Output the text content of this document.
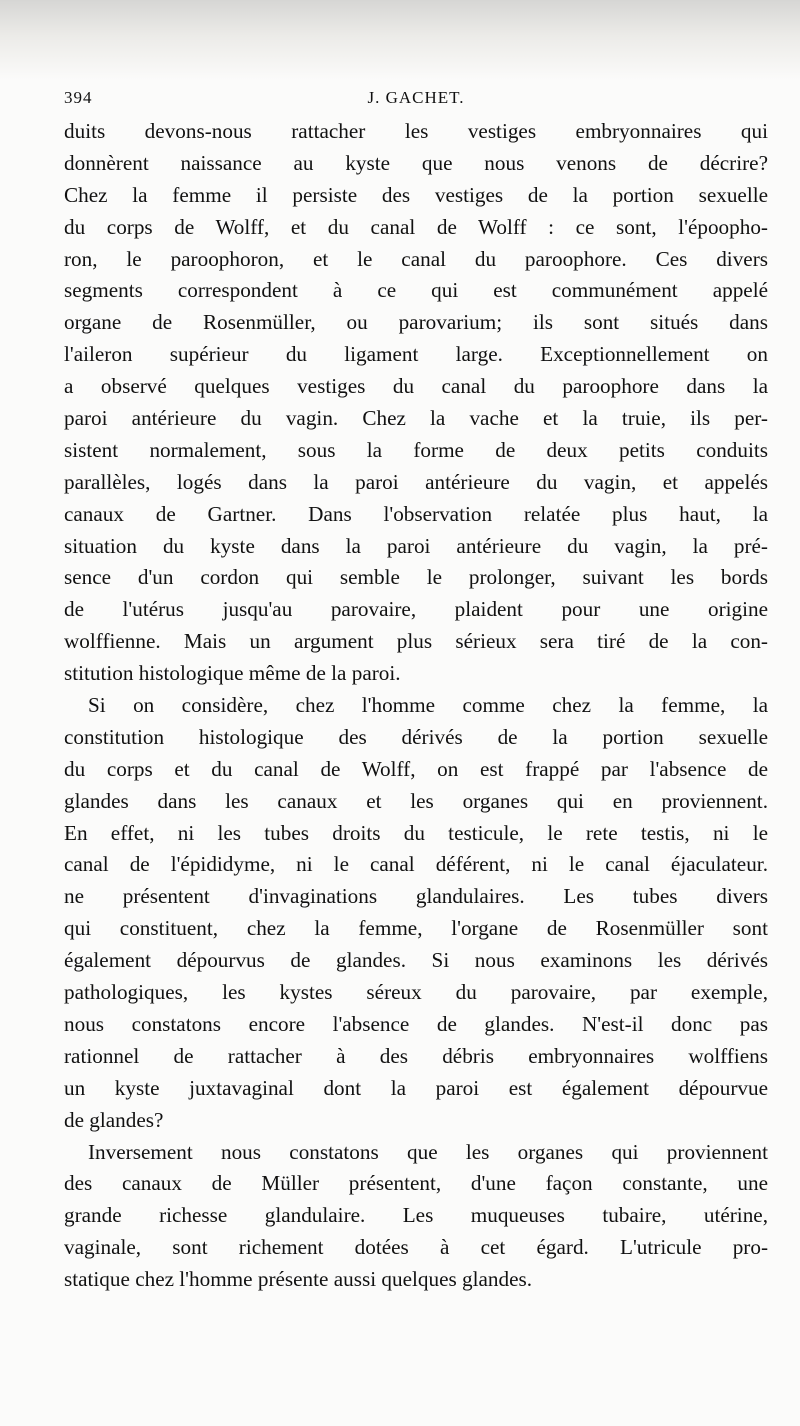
394	J. GACHET.
duits devons-nous rattacher les vestiges embryonnaires qui
donnèrent naissance au kyste que nous venons de décrire?
Chez la femme il persiste des vestiges de la portion sexuelle
du corps de Wolff, et du canal de Wolff : ce sont, l'époopho-
ron, le paroophoron, et le canal du paroophore. Ces divers
segments correspondent à ce qui est communément appelé
organe de Rosenmüller, ou parovarium; ils sont situés dans
l'aileron supérieur du ligament large. Exceptionnellement on
a observé quelques vestiges du canal du paroophore dans la
paroi antérieure du vagin. Chez la vache et la truie, ils per-
sistent normalement, sous la forme de deux petits conduits
parallèles, logés dans la paroi antérieure du vagin, et appelés
canaux de Gartner. Dans l'observation relatée plus haut, la
situation du kyste dans la paroi antérieure du vagin, la pré-
sence d'un cordon qui semble le prolonger, suivant les bords
de l'utérus jusqu'au parovaire, plaident pour une origine
wolffienne. Mais un argument plus sérieux sera tiré de la con-
stitution histologique même de la paroi.
Si on considère, chez l'homme comme chez la femme, la
constitution histologique des dérivés de la portion sexuelle
du corps et du canal de Wolff, on est frappé par l'absence de
glandes dans les canaux et les organes qui en proviennent.
En effet, ni les tubes droits du testicule, le rete testis, ni le
canal de l'épididyme, ni le canal déférent, ni le canal éjaculateur.
ne présentent d'invaginations glandulaires. Les tubes divers
qui constituent, chez la femme, l'organe de Rosenmüller sont
également dépourvus de glandes. Si nous examinons les dérivés
pathologiques, les kystes séreux du parovaire, par exemple,
nous constatons encore l'absence de glandes. N'est-il donc pas
rationnel de rattacher à des débris embryonnaires wolffiens
un kyste juxtavaginal dont la paroi est également dépourvue
de glandes?
Inversement nous constatons que les organes qui proviennent
des canaux de Müller présentent, d'une façon constante, une
grande richesse glandulaire. Les muqueuses tubaire, utérine,
vaginale, sont richement dotées à cet égard. L'utricule pro-
statique chez l'homme présente aussi quelques glandes.
